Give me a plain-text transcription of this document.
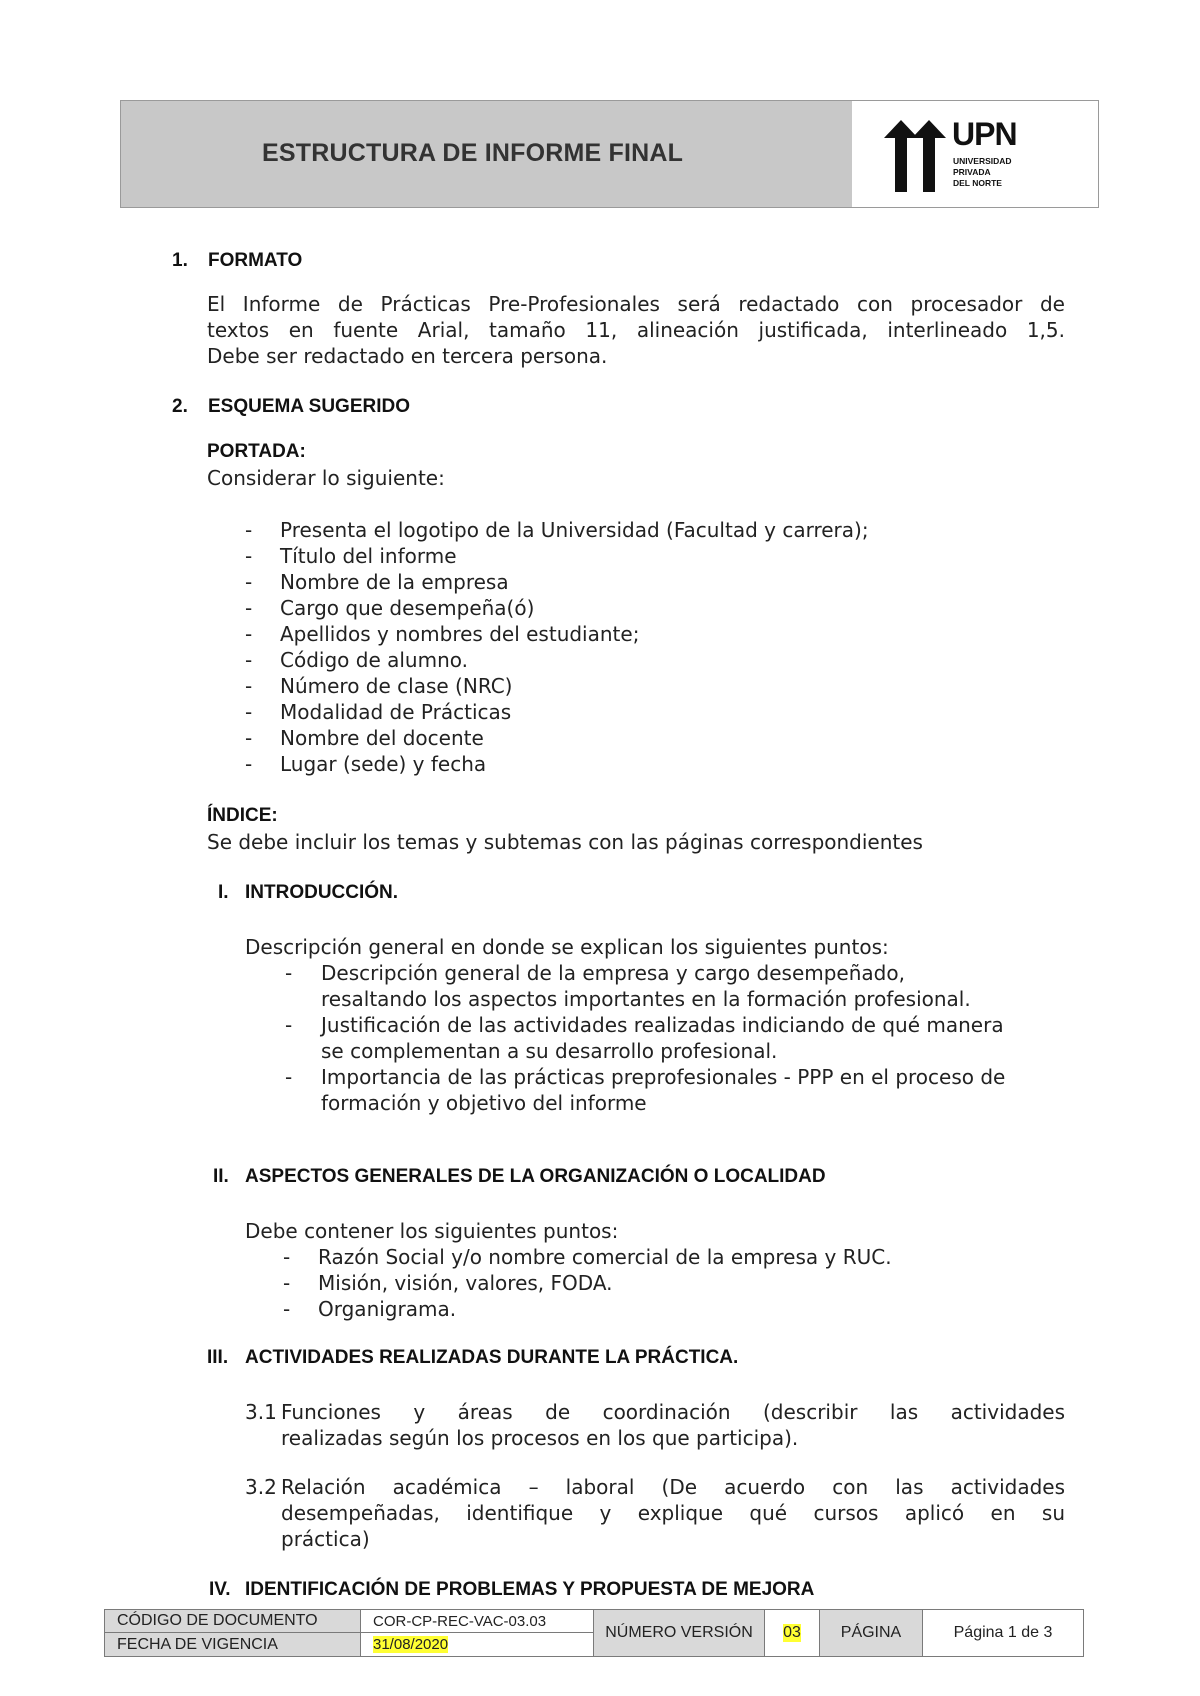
ESTRUCTURA DE INFORME FINAL
UPN
UNIVERSIDAD
PRIVADA
DEL NORTE
1. FORMATO
El Informe de Prácticas Pre-Profesionales será redactado con procesador de
textos en fuente Arial, tamaño 11, alineación justificada, interlineado 1,5.
Debe ser redactado en tercera persona.
2. ESQUEMA SUGERIDO
PORTADA:
Considerar lo siguiente:
- Presenta el logotipo de la Universidad (Facultad y carrera);
- Título del informe
- Nombre de la empresa
- Cargo que desempeña(ó)
- Apellidos y nombres del estudiante;
- Código de alumno.
- Número de clase (NRC)
- Modalidad de Prácticas
- Nombre del docente
- Lugar (sede) y fecha
ÍNDICE:
Se debe incluir los temas y subtemas con las páginas correspondientes
I. INTRODUCCIÓN.
Descripción general en donde se explican los siguientes puntos:
- Descripción general de la empresa y cargo desempeñado,
resaltando los aspectos importantes en la formación profesional.
- Justificación de las actividades realizadas indiciando de qué manera
se complementan a su desarrollo profesional.
- Importancia de las prácticas preprofesionales - PPP en el proceso de
formación y objetivo del informe
II. ASPECTOS GENERALES DE LA ORGANIZACIÓN O LOCALIDAD
Debe contener los siguientes puntos:
- Razón Social y/o nombre comercial de la empresa y RUC.
- Misión, visión, valores, FODA.
- Organigrama.
III. ACTIVIDADES REALIZADAS DURANTE LA PRÁCTICA.
3.1 Funciones y áreas de coordinación (describir las actividades
realizadas según los procesos en los que participa).
3.2 Relación académica – laboral (De acuerdo con las actividades
desempeñadas, identifique y explique qué cursos aplicó en su
práctica)
IV. IDENTIFICACIÓN DE PROBLEMAS Y PROPUESTA DE MEJORA
CÓDIGO DE DOCUMENTO
FECHA DE VIGENCIA
COR-CP-REC-VAC-03.03
31/08/2020
NÚMERO VERSIÓN 03 PÁGINA	Página 1 de 3
